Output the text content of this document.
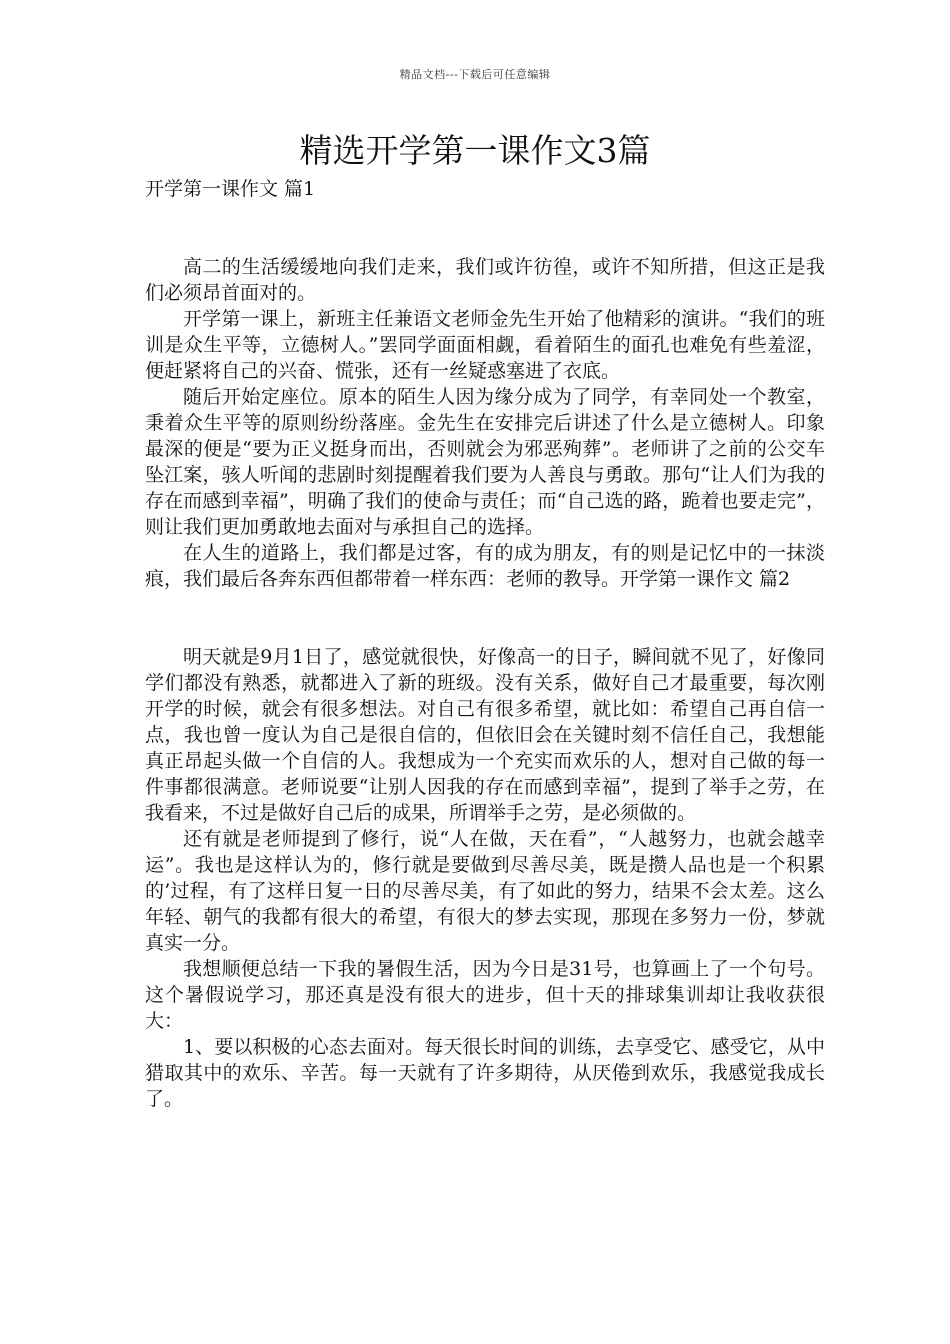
精品文档---下载后可任意编辑
精选开学第一课作文3篇

开学第一课作文 篇1

高二的生活缓缓地向我们走来，我们或许彷徨，或许不知所措，但这正是我们必须昂首面对的。

开学第一课上，新班主任兼语文老师金先生开始了他精彩的演讲。“我们的班训是众生平等，立德树人。”罢同学面面相觑，看着陌生的面孔也难免有些羞涩，便赶紧将自己的兴奋、慌张，还有一丝疑惑塞进了衣底。

随后开始定座位。原本的陌生人因为缘分成为了同学，有幸同处一个教室，秉着众生平等的原则纷纷落座。金先生在安排完后讲述了什么是立德树人。印象最深的便是“要为正义挺身而出，否则就会为邪恶殉葬”。老师讲了之前的公交车坠江案，骇人听闻的悲剧时刻提醒着我们要为人善良与勇敢。那句“让人们为我的存在而感到幸福”，明确了我们的使命与责任；而“自己选的路，跪着也要走完”，则让我们更加勇敢地去面对与承担自己的选择。

在人生的道路上，我们都是过客，有的成为朋友，有的则是记忆中的一抹淡痕，我们最后各奔东西但都带着一样东西：老师的教导。开学第一课作文 篇2

明天就是9月1日了，感觉就很快，好像高一的日子，瞬间就不见了，好像同学们都没有熟悉，就都进入了新的班级。没有关系，做好自己才最重要，每次刚开学的时候，就会有很多想法。对自己有很多希望，就比如：希望自己再自信一点，我也曾一度认为自己是很自信的，但依旧会在关键时刻不信任自己，我想能真正昂起头做一个自信的人。我想成为一个充实而欢乐的人，想对自己做的每一件事都很满意。老师说要“让别人因我的存在而感到幸福”，提到了举手之劳，在我看来，不过是做好自己后的成果，所谓举手之劳，是必须做的。

还有就是老师提到了修行，说“人在做，天在看”，“人越努力，也就会越幸运”。我也是这样认为的，修行就是要做到尽善尽美，既是攒人品也是一个积累的’过程，有了这样日复一日的尽善尽美，有了如此的努力，结果不会太差。这么年轻、朝气的我都有很大的希望，有很大的梦去实现，那现在多努力一份，梦就真实一分。

我想顺便总结一下我的暑假生活，因为今日是31号，也算画上了一个句号。这个暑假说学习，那还真是没有很大的进步，但十天的排球集训却让我收获很大：

1、要以积极的心态去面对。每天很长时间的训练，去享受它、感受它，从中猎取其中的欢乐、辛苦。每一天就有了许多期待，从厌倦到欢乐，我感觉我成长了。
